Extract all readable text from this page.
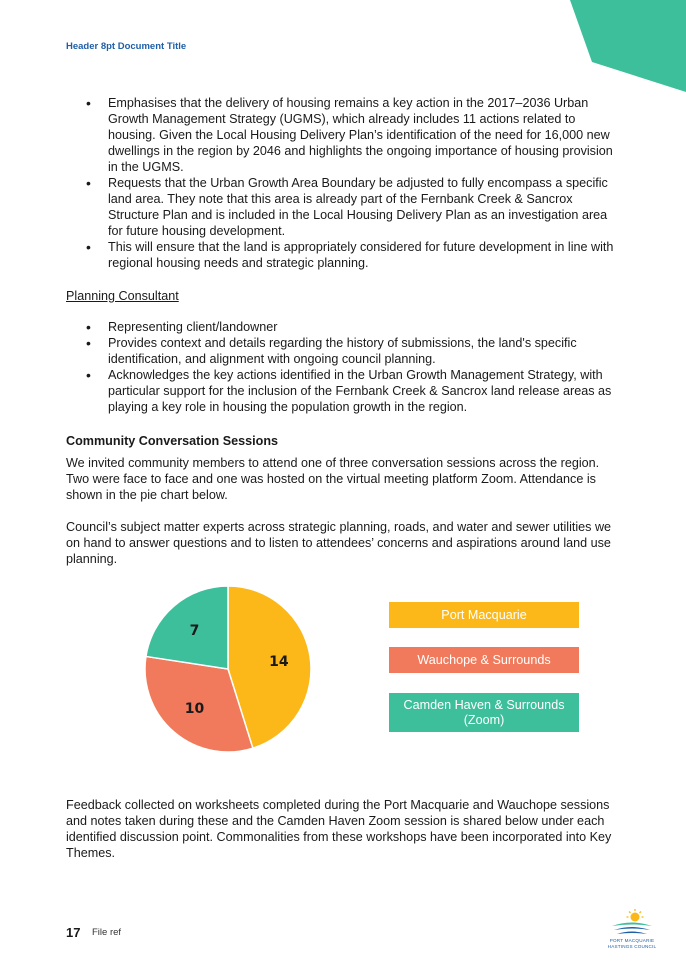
Header 8pt Document Title
• Emphasises that the delivery of housing remains a key action in the 2017–2036 Urban Growth Management Strategy (UGMS), which already includes 11 actions related to housing. Given the Local Housing Delivery Plan’s identification of the need for 16,000 new dwellings in the region by 2046 and highlights the ongoing importance of housing provision in the UGMS.
• Requests that the Urban Growth Area Boundary be adjusted to fully encompass a specific land area. They note that this area is already part of the Fernbank Creek & Sancrox Structure Plan and is included in the Local Housing Delivery Plan as an investigation area for future housing development.
• This will ensure that the land is appropriately considered for future development in line with regional housing needs and strategic planning.

Planning Consultant

• Representing client/landowner
• Provides context and details regarding the history of submissions, the land's specific identification, and alignment with ongoing council planning.
• Acknowledges the key actions identified in the Urban Growth Management Strategy, with particular support for the inclusion of the Fernbank Creek & Sancrox land release areas as playing a key role in housing the population growth in the region.

Community Conversation Sessions

We invited community members to attend one of three conversation sessions across the region. Two were face to face and one was hosted on the virtual meeting platform Zoom. Attendance is shown in the pie chart below.

Council’s subject matter experts across strategic planning, roads, and water and sewer utilities we on hand to answer questions and to listen to attendees’ concerns and aspirations around land use planning.

14
10
7
Port Macquarie
Wauchope & Surrounds
Camden Haven & Surrounds (Zoom)

Feedback collected on worksheets completed during the Port Macquarie and Wauchope sessions and notes taken during these and the Camden Haven Zoom session is shared below under each identified discussion point. Commonalities from these workshops have been incorporated into Key Themes.

17 File ref
PORT MACQUARIE
HASTINGS COUNCIL
